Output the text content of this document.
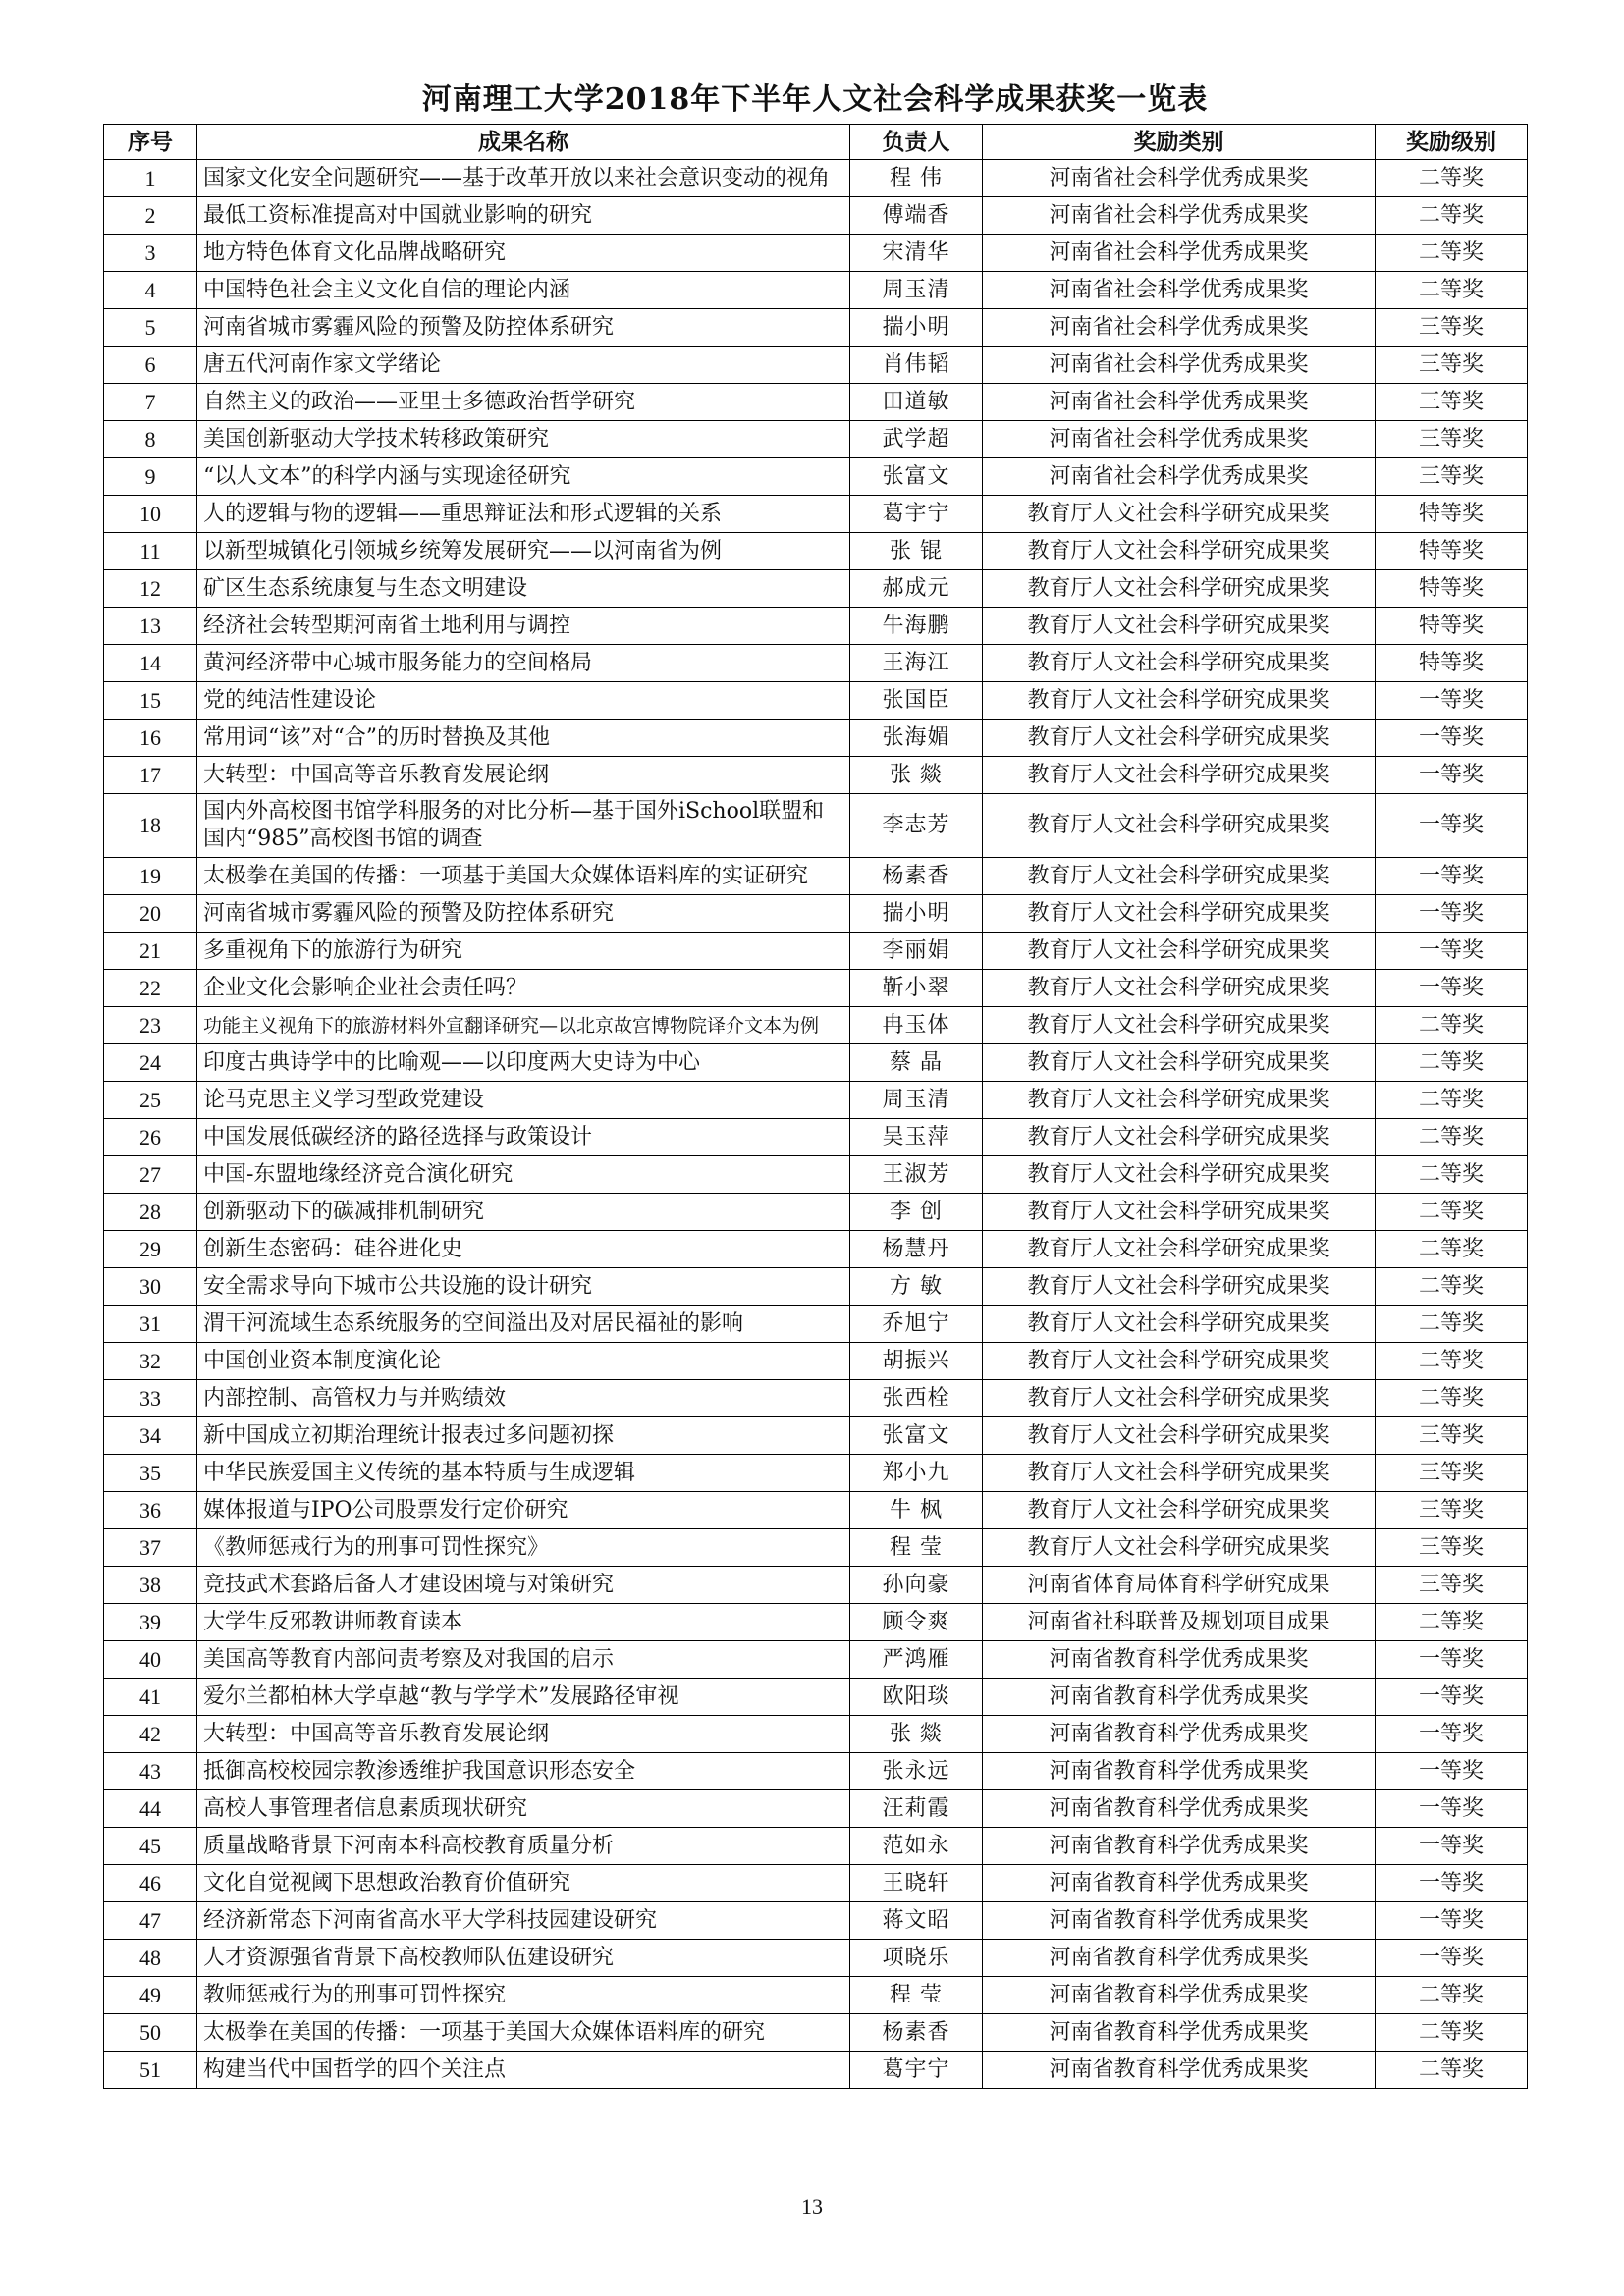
河南理工大学2018年下半年人文社会科学成果获奖一览表
序号	成果名称	负责人	奖励类别	奖励级别
1	国家文化安全问题研究——基于改革开放以来社会意识变动的视角	程 伟	河南省社会科学优秀成果奖	二等奖
2	最低工资标准提高对中国就业影响的研究	傅端香	河南省社会科学优秀成果奖	二等奖
3	地方特色体育文化品牌战略研究	宋清华	河南省社会科学优秀成果奖	二等奖
4	中国特色社会主义文化自信的理论内涵	周玉清	河南省社会科学优秀成果奖	二等奖
5	河南省城市雾霾风险的预警及防控体系研究	揣小明	河南省社会科学优秀成果奖	三等奖
6	唐五代河南作家文学绪论	肖伟韬	河南省社会科学优秀成果奖	三等奖
7	自然主义的政治——亚里士多德政治哲学研究	田道敏	河南省社会科学优秀成果奖	三等奖
8	美国创新驱动大学技术转移政策研究	武学超	河南省社会科学优秀成果奖	三等奖
9	“以人文本”的科学内涵与实现途径研究	张富文	河南省社会科学优秀成果奖	三等奖
10	人的逻辑与物的逻辑——重思辩证法和形式逻辑的关系	葛宇宁	教育厅人文社会科学研究成果奖	特等奖
11	以新型城镇化引领城乡统筹发展研究——以河南省为例	张 锟	教育厅人文社会科学研究成果奖	特等奖
12	矿区生态系统康复与生态文明建设	郝成元	教育厅人文社会科学研究成果奖	特等奖
13	经济社会转型期河南省土地利用与调控	牛海鹏	教育厅人文社会科学研究成果奖	特等奖
14	黄河经济带中心城市服务能力的空间格局	王海江	教育厅人文社会科学研究成果奖	特等奖
15	党的纯洁性建设论	张国臣	教育厅人文社会科学研究成果奖	一等奖
16	常用词“该”对“合”的历时替换及其他	张海媚	教育厅人文社会科学研究成果奖	一等奖
17	大转型：中国高等音乐教育发展论纲	张 燚	教育厅人文社会科学研究成果奖	一等奖
18	国内外高校图书馆学科服务的对比分析—基于国外iSchool联盟和国内“985”高校图书馆的调查	李志芳	教育厅人文社会科学研究成果奖	一等奖
19	太极拳在美国的传播：一项基于美国大众媒体语料库的实证研究	杨素香	教育厅人文社会科学研究成果奖	一等奖
20	河南省城市雾霾风险的预警及防控体系研究	揣小明	教育厅人文社会科学研究成果奖	一等奖
21	多重视角下的旅游行为研究	李丽娟	教育厅人文社会科学研究成果奖	一等奖
22	企业文化会影响企业社会责任吗？	靳小翠	教育厅人文社会科学研究成果奖	一等奖
23	功能主义视角下的旅游材料外宣翻译研究—以北京故宫博物院译介文本为例	冉玉体	教育厅人文社会科学研究成果奖	二等奖
24	印度古典诗学中的比喻观——以印度两大史诗为中心	蔡 晶	教育厅人文社会科学研究成果奖	二等奖
25	论马克思主义学习型政党建设	周玉清	教育厅人文社会科学研究成果奖	二等奖
26	中国发展低碳经济的路径选择与政策设计	吴玉萍	教育厅人文社会科学研究成果奖	二等奖
27	中国-东盟地缘经济竞合演化研究	王淑芳	教育厅人文社会科学研究成果奖	二等奖
28	创新驱动下的碳减排机制研究	李 创	教育厅人文社会科学研究成果奖	二等奖
29	创新生态密码：硅谷进化史	杨慧丹	教育厅人文社会科学研究成果奖	二等奖
30	安全需求导向下城市公共设施的设计研究	方 敏	教育厅人文社会科学研究成果奖	二等奖
31	渭干河流域生态系统服务的空间溢出及对居民福祉的影响	乔旭宁	教育厅人文社会科学研究成果奖	二等奖
32	中国创业资本制度演化论	胡振兴	教育厅人文社会科学研究成果奖	二等奖
33	内部控制、高管权力与并购绩效	张西栓	教育厅人文社会科学研究成果奖	二等奖
34	新中国成立初期治理统计报表过多问题初探	张富文	教育厅人文社会科学研究成果奖	三等奖
35	中华民族爱国主义传统的基本特质与生成逻辑	郑小九	教育厅人文社会科学研究成果奖	三等奖
36	媒体报道与IPO公司股票发行定价研究	牛 枫	教育厅人文社会科学研究成果奖	三等奖
37	《教师惩戒行为的刑事可罚性探究》	程 莹	教育厅人文社会科学研究成果奖	三等奖
38	竞技武术套路后备人才建设困境与对策研究	孙向豪	河南省体育局体育科学研究成果	三等奖
39	大学生反邪教讲师教育读本	顾令爽	河南省社科联普及规划项目成果	二等奖
40	美国高等教育内部问责考察及对我国的启示	严鸿雁	河南省教育科学优秀成果奖	一等奖
41	爱尔兰都柏林大学卓越“教与学学术”发展路径审视	欧阳琰	河南省教育科学优秀成果奖	一等奖
42	大转型：中国高等音乐教育发展论纲	张 燚	河南省教育科学优秀成果奖	一等奖
43	抵御高校校园宗教渗透维护我国意识形态安全	张永远	河南省教育科学优秀成果奖	一等奖
44	高校人事管理者信息素质现状研究	汪莉霞	河南省教育科学优秀成果奖	一等奖
45	质量战略背景下河南本科高校教育质量分析	范如永	河南省教育科学优秀成果奖	一等奖
46	文化自觉视阈下思想政治教育价值研究	王晓轩	河南省教育科学优秀成果奖	一等奖
47	经济新常态下河南省高水平大学科技园建设研究	蒋文昭	河南省教育科学优秀成果奖	一等奖
48	人才资源强省背景下高校教师队伍建设研究	项晓乐	河南省教育科学优秀成果奖	一等奖
49	教师惩戒行为的刑事可罚性探究	程 莹	河南省教育科学优秀成果奖	二等奖
50	太极拳在美国的传播：一项基于美国大众媒体语料库的研究	杨素香	河南省教育科学优秀成果奖	二等奖
51	构建当代中国哲学的四个关注点	葛宇宁	河南省教育科学优秀成果奖	二等奖
13
